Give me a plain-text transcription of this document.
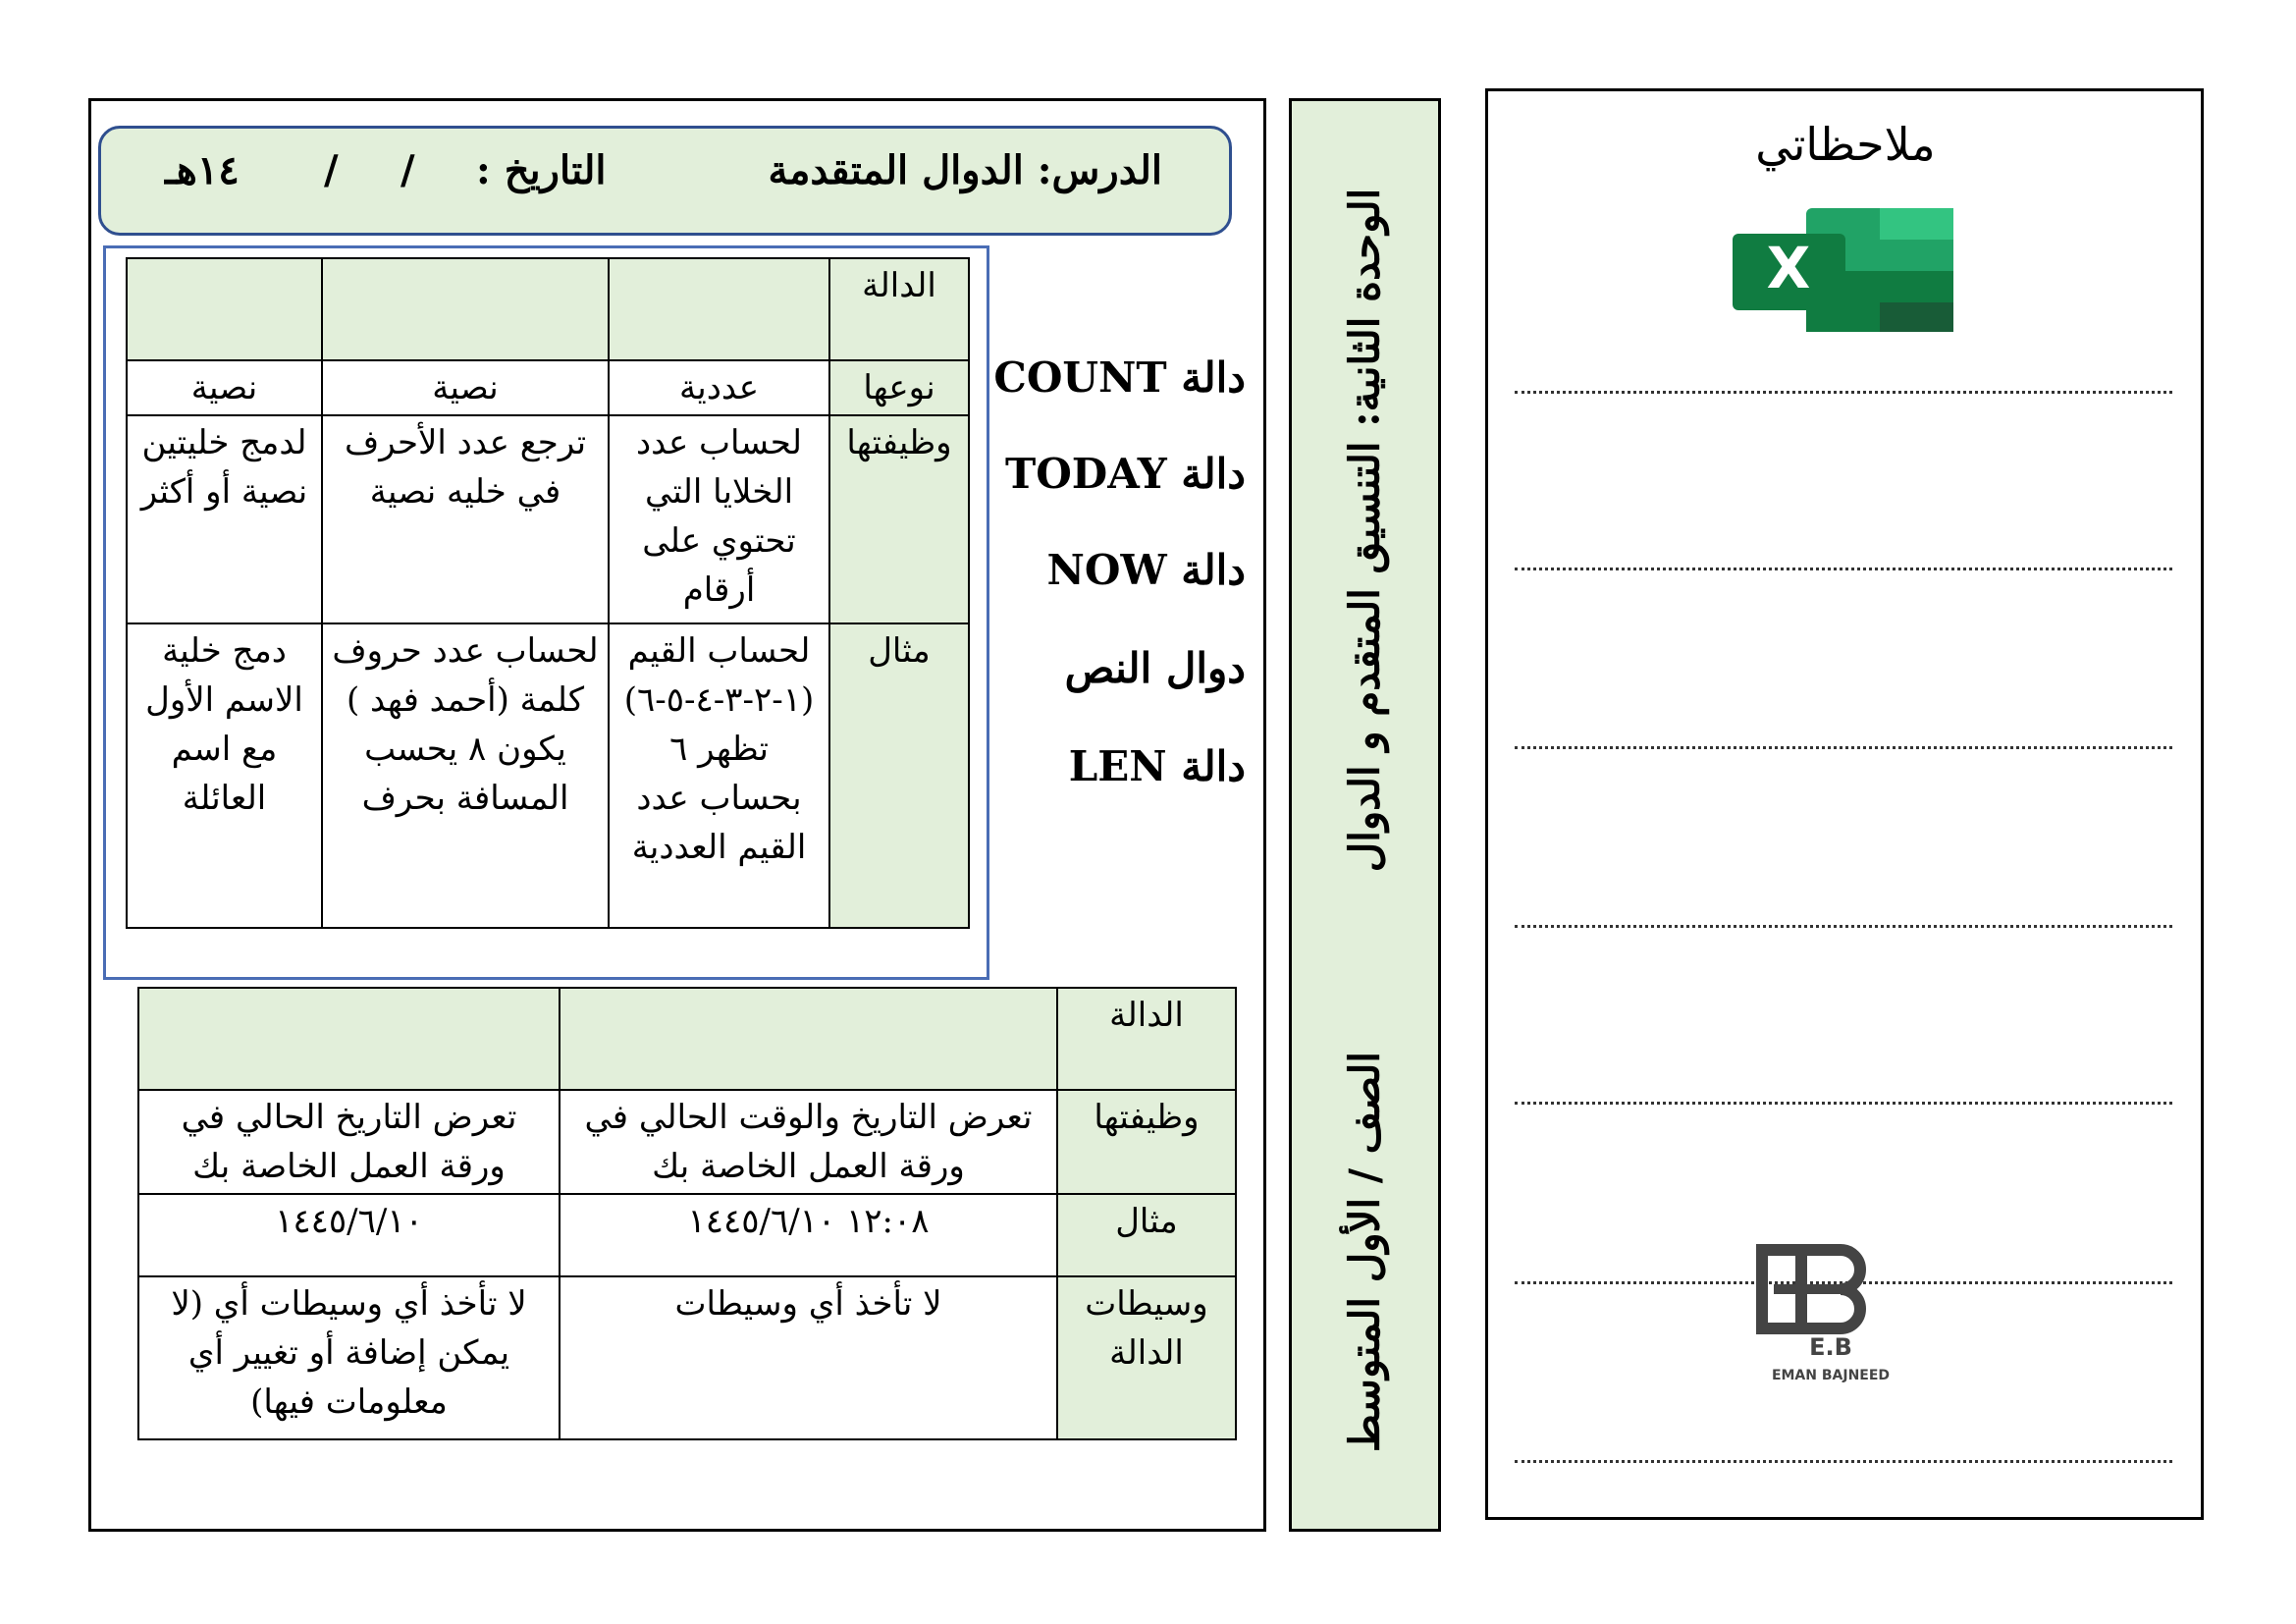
الدرس: الدوال المتقدمة
التاريخ :
/
/
١٤هـ
الدالة			
نوعها	عددية	نصية	نصية
وظيفتها	لحساب عدد الخلايا التي تحتوي على أرقام	ترجع عدد الأحرف في خليه نصية	لدمج خليتين نصية أو أكثر
مثال	لحساب القيم (١-٢-٣-٤-٥-٦) تظهر ٦ بحساب عدد القيم العددية	لحساب عدد حروف كلمة (أحمد فهد ) يكون ٨ يحسب المسافة بحرف	دمج خلية الاسم الأول مع اسم العائلة
دالة COUNT
دالة TODAY
دالة NOW
دوال النص
دالة LEN
الدالة		
وظيفتها	تعرض التاريخ والوقت الحالي في ورقة العمل الخاصة بك	تعرض التاريخ الحالي في ورقة العمل الخاصة بك
مثال	١٢:٠٨ ١٤٤٥/٦/١٠	١٤٤٥/٦/١٠
وسيطات الدالة	لا تأخذ أي وسيطات	لا تأخذ أي وسيطات أي (لا يمكن إضافة أو تغيير أي معلومات فيها)
الوحدة الثانية: التنسيق المتقدم و الدوال
الصف / الأول المتوسط
ملاحظاتي
X
E.B
EMAN BAJNEED
